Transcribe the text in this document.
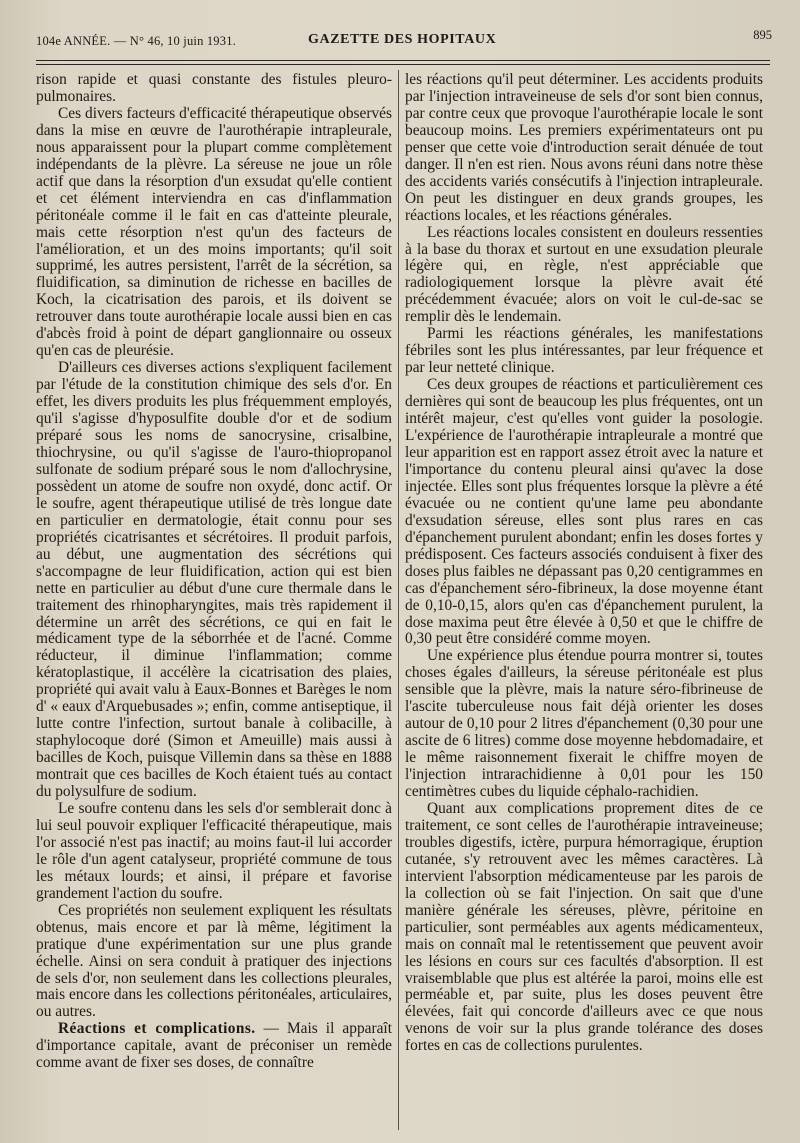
104e ANNÉE. — N° 46, 10 juin 1931.	GAZETTE DES HOPITAUX	895

rison rapide et quasi constante des fistules pleuro-pulmonaires.

Ces divers facteurs d'efficacité thérapeutique observés dans la mise en œuvre de l'aurothérapie intrapleurale, nous apparaissent pour la plupart comme complètement indépendants de la plèvre. La séreuse ne joue un rôle actif que dans la résorption d'un exsudat qu'elle contient et cet élément interviendra en cas d'inflammation péritonéale comme il le fait en cas d'atteinte pleurale, mais cette résorption n'est qu'un des facteurs de l'amélioration, et un des moins importants; qu'il soit supprimé, les autres persistent, l'arrêt de la sécrétion, sa fluidification, sa diminution de richesse en bacilles de Koch, la cicatrisation des parois, et ils doivent se retrouver dans toute aurothérapie locale aussi bien en cas d'abcès froid à point de départ ganglionnaire ou osseux qu'en cas de pleurésie.

D'ailleurs ces diverses actions s'expliquent facilement par l'étude de la constitution chimique des sels d'or. En effet, les divers produits les plus fréquemment employés, qu'il s'agisse d'hyposulfite double d'or et de sodium préparé sous les noms de sanocrysine, crisalbine, thiochrysine, ou qu'il s'agisse de l'auro-thiopropanol sulfonate de sodium préparé sous le nom d'allochrysine, possèdent un atome de soufre non oxydé, donc actif. Or le soufre, agent thérapeutique utilisé de très longue date en particulier en dermatologie, était connu pour ses propriétés cicatrisantes et sécrétoires. Il produit parfois, au début, une augmentation des sécrétions qui s'accompagne de leur fluidification, action qui est bien nette en particulier au début d'une cure thermale dans le traitement des rhinopharyngites, mais très rapidement il détermine un arrêt des sécrétions, ce qui en fait le médicament type de la séborrhée et de l'acné. Comme réducteur, il diminue l'inflammation; comme kératoplastique, il accélère la cicatrisation des plaies, propriété qui avait valu à Eaux-Bonnes et Barèges le nom d' « eaux d'Arquebusades »; enfin, comme antiseptique, il lutte contre l'infection, surtout banale à colibacille, à staphylocoque doré (Simon et Ameuille) mais aussi à bacilles de Koch, puisque Villemin dans sa thèse en 1888 montrait que ces bacilles de Koch étaient tués au contact du polysulfure de sodium.

Le soufre contenu dans les sels d'or semblerait donc à lui seul pouvoir expliquer l'efficacité thérapeutique, mais l'or associé n'est pas inactif; au moins faut-il lui accorder le rôle d'un agent catalyseur, propriété commune de tous les métaux lourds; et ainsi, il prépare et favorise grandement l'action du soufre.

Ces propriétés non seulement expliquent les résultats obtenus, mais encore et par là même, légitiment la pratique d'une expérimentation sur une plus grande échelle. Ainsi on sera conduit à pratiquer des injections de sels d'or, non seulement dans les collections pleurales, mais encore dans les collections péritonéales, articulaires, ou autres.

Réactions et complications. — Mais il apparaît d'importance capitale, avant de préconiser un remède comme avant de fixer ses doses, de connaître

les réactions qu'il peut déterminer. Les accidents produits par l'injection intraveineuse de sels d'or sont bien connus, par contre ceux que provoque l'aurothérapie locale le sont beaucoup moins. Les premiers expérimentateurs ont pu penser que cette voie d'introduction serait dénuée de tout danger. Il n'en est rien. Nous avons réuni dans notre thèse des accidents variés consécutifs à l'injection intrapleurale. On peut les distinguer en deux grands groupes, les réactions locales, et les réactions générales.

Les réactions locales consistent en douleurs ressenties à la base du thorax et surtout en une exsudation pleurale légère qui, en règle, n'est appréciable que radiologiquement lorsque la plèvre avait été précédemment évacuée; alors on voit le cul-de-sac se remplir dès le lendemain.

Parmi les réactions générales, les manifestations fébriles sont les plus intéressantes, par leur fréquence et par leur netteté clinique.

Ces deux groupes de réactions et particulièrement ces dernières qui sont de beaucoup les plus fréquentes, ont un intérêt majeur, c'est qu'elles vont guider la posologie. L'expérience de l'aurothérapie intrapleurale a montré que leur apparition est en rapport assez étroit avec la nature et l'importance du contenu pleural ainsi qu'avec la dose injectée. Elles sont plus fréquentes lorsque la plèvre a été évacuée ou ne contient qu'une lame peu abondante d'exsudation séreuse, elles sont plus rares en cas d'épanchement purulent abondant; enfin les doses fortes y prédisposent. Ces facteurs associés conduisent à fixer des doses plus faibles ne dépassant pas 0,20 centigrammes en cas d'épanchement séro-fibrineux, la dose moyenne étant de 0,10-0,15, alors qu'en cas d'épanchement purulent, la dose maxima peut être élevée à 0,50 et que le chiffre de 0,30 peut être considéré comme moyen.

Une expérience plus étendue pourra montrer si, toutes choses égales d'ailleurs, la séreuse péritonéale est plus sensible que la plèvre, mais la nature séro-fibrineuse de l'ascite tuberculeuse nous fait déjà orienter les doses autour de 0,10 pour 2 litres d'épanchement (0,30 pour une ascite de 6 litres) comme dose moyenne hebdomadaire, et le même raisonnement fixerait le chiffre moyen de l'injection intrarachidienne à 0,01 pour les 150 centimètres cubes du liquide céphalo-rachidien.

Quant aux complications proprement dites de ce traitement, ce sont celles de l'aurothérapie intraveineuse; troubles digestifs, ictère, purpura hémorragique, éruption cutanée, s'y retrouvent avec les mêmes caractères. Là intervient l'absorption médicamenteuse par les parois de la collection où se fait l'injection. On sait que d'une manière générale les séreuses, plèvre, péritoine en particulier, sont perméables aux agents médicamenteux, mais on connaît mal le retentissement que peuvent avoir les lésions en cours sur ces facultés d'absorption. Il est vraisemblable que plus est altérée la paroi, moins elle est perméable et, par suite, plus les doses peuvent être élevées, fait qui concorde d'ailleurs avec ce que nous venons de voir sur la plus grande tolérance des doses fortes en cas de collections purulentes.
